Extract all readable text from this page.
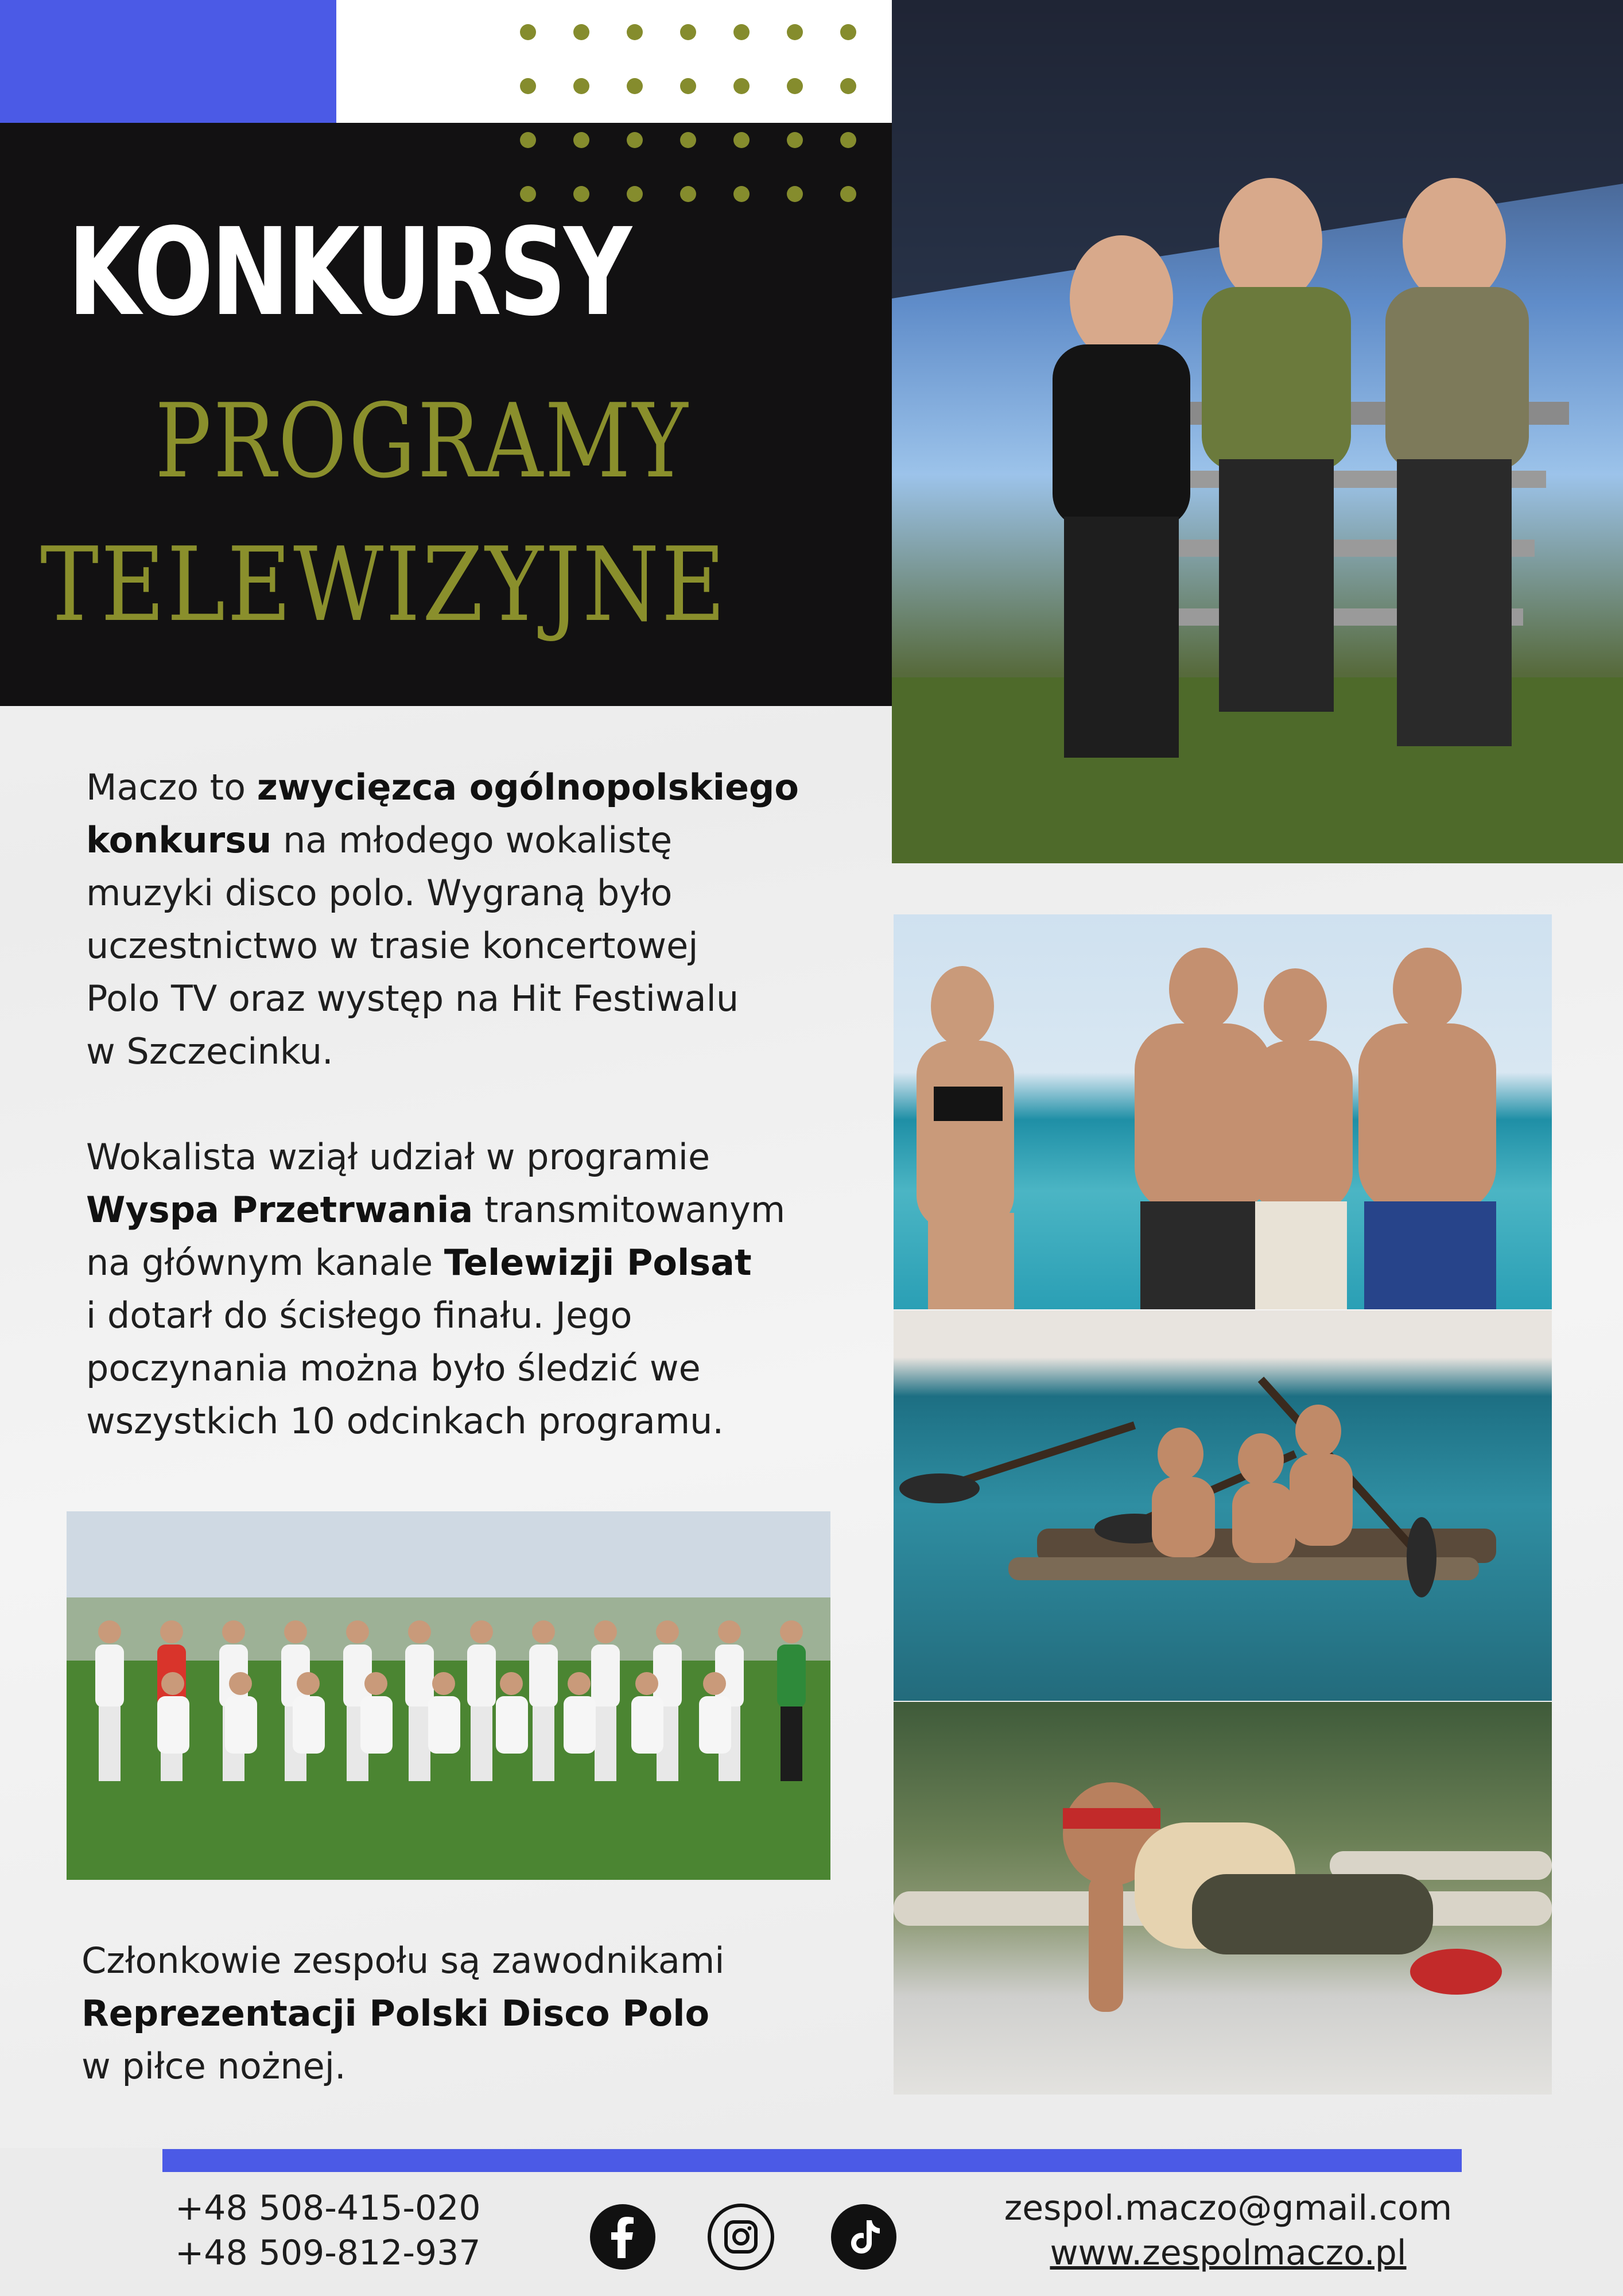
KONKURSY
PROGRAMY
TELEWIZYJNE

Maczo to zwycięzca ogólnopolskiego
konkursu na młodego wokalistę
muzyki disco polo. Wygraną było
uczestnictwo w trasie koncertowej
Polo TV oraz występ na Hit Festiwalu
w Szczecinku.

Wokalista wziął udział w programie
Wyspa Przetrwania transmitowanym
na głównym kanale Telewizji Polsat
i dotarł do ścisłego finału. Jego
poczynania można było śledzić we
wszystkich 10 odcinkach programu.

Członkowie zespołu są zawodnikami
Reprezentacji Polski Disco Polo
w piłce nożnej.

+48 508-415-020
+48 509-812-937

zespol.maczo@gmail.com
www.zespolmaczo.pl
